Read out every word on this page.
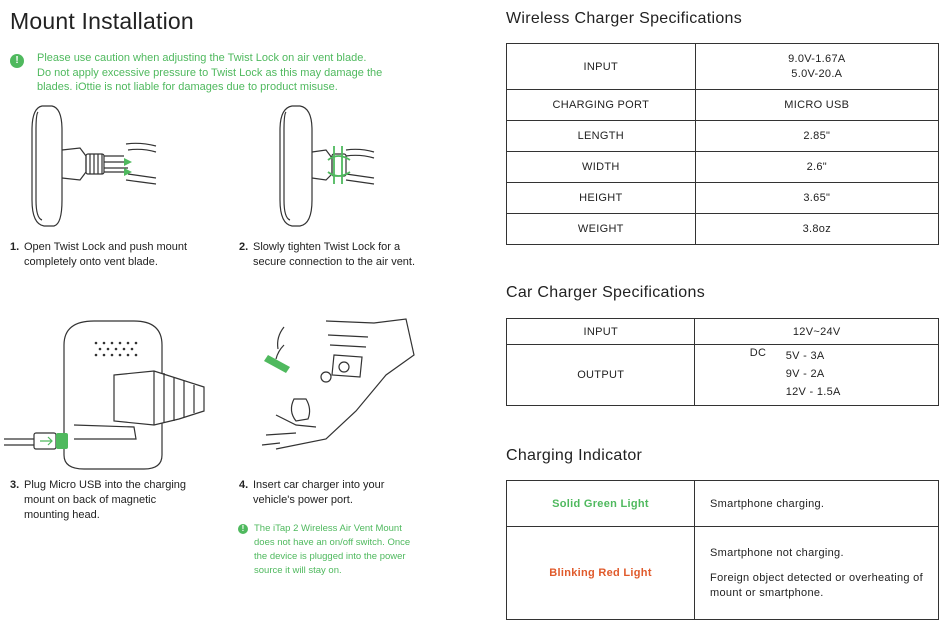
Mount Installation
!	Please use caution when adjusting the Twist Lock on air vent blade.
Do not apply excessive pressure to Twist Lock as this may damage the
blades. iOttie is not liable for damages due to product misuse.
1. Open Twist Lock and push mount
completely onto vent blade.
2. Slowly tighten Twist Lock for a
secure connection to the air vent.
3. Plug Micro USB into the charging
mount on back of magnetic
mounting head.
4. Insert car charger into your
vehicle's power port.
!	The iTap 2 Wireless Air Vent Mount
does not have an on/off switch. Once
the device is plugged into the power
source it will stay on.
Wireless Charger Specifications
INPUT	9.0V-1.67A
5.0V-20.A

CHARGING PORT	MICRO USB
LENGTH	2.85"
WIDTH	2.6"
HEIGHT	3.65"
WEIGHT	3.8oz
Car Charger Specifications
INPUT	12V~24V
OUTPUT	DC 5V - 3A
9V - 2A
12V - 1.5A
Charging Indicator
Solid Green Light	Smartphone charging.
Blinking Red Light	Smartphone not charging.
Foreign object detected or overheating of mount or smartphone.
